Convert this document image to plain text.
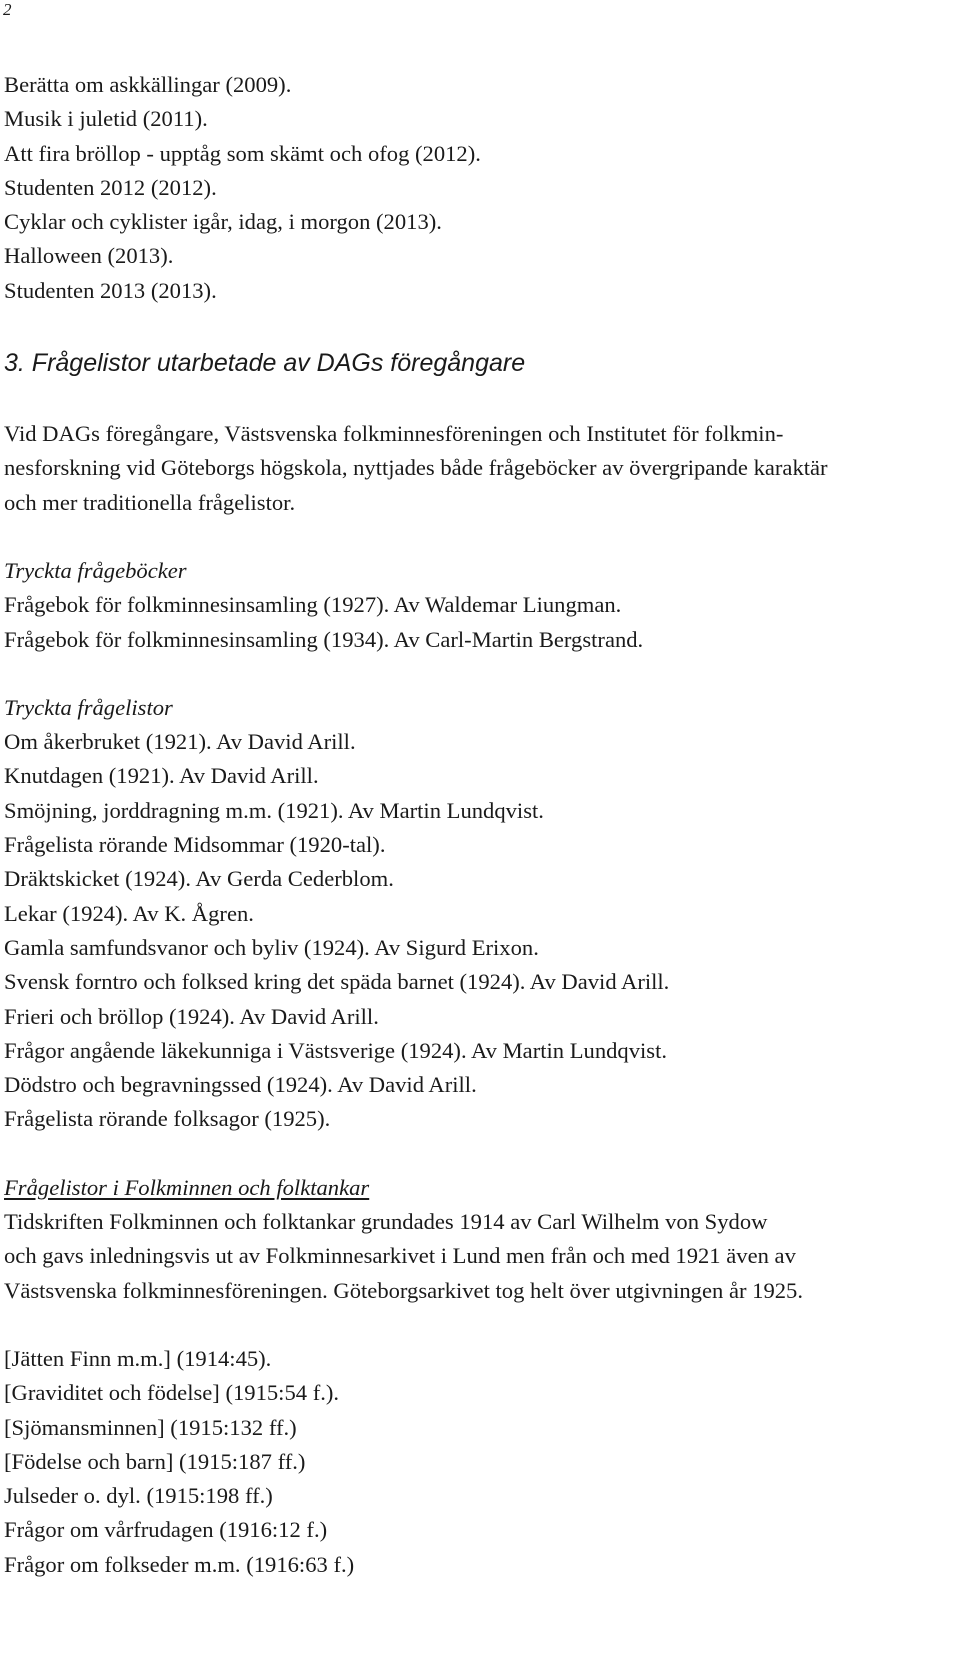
2
Berätta om askkällingar (2009).
Musik i juletid (2011).
Att fira bröllop - upptåg som skämt och ofog (2012).
Studenten 2012 (2012).
Cyklar och cyklister igår, idag, i morgon (2013).
Halloween (2013).
Studenten 2013 (2013).
3. Frågelistor utarbetade av DAGs föregångare
Vid DAGs föregångare, Västsvenska folkminnesföreningen och Institutet för folkmin-
nesforskning vid Göteborgs högskola, nyttjades både frågeböcker av övergripande karaktär
och mer traditionella frågelistor.
Tryckta frågeböcker
Frågebok för folkminnesinsamling (1927). Av Waldemar Liungman.
Frågebok för folkminnesinsamling (1934). Av Carl-Martin Bergstrand.
Tryckta frågelistor
Om åkerbruket (1921). Av David Arill.
Knutdagen (1921). Av David Arill.
Smöjning, jorddragning m.m. (1921). Av Martin Lundqvist.
Frågelista rörande Midsommar (1920-tal).
Dräktskicket (1924). Av Gerda Cederblom.
Lekar (1924). Av K. Ågren.
Gamla samfundsvanor och byliv (1924). Av Sigurd Erixon.
Svensk forntro och folksed kring det späda barnet (1924). Av David Arill.
Frieri och bröllop (1924). Av David Arill.
Frågor angående läkekunniga i Västsverige (1924). Av Martin Lundqvist.
Dödstro och begravningssed (1924). Av David Arill.
Frågelista rörande folksagor (1925).
Frågelistor i Folkminnen och folktankar
Tidskriften Folkminnen och folktankar grundades 1914 av Carl Wilhelm von Sydow
och gavs inledningsvis ut av Folkminnesarkivet i Lund men från och med 1921 även av
Västsvenska folkminnesföreningen. Göteborgsarkivet tog helt över utgivningen år 1925.
[Jätten Finn m.m.] (1914:45).
[Graviditet och födelse] (1915:54 f.).
[Sjömansminnen] (1915:132 ff.)
[Födelse och barn] (1915:187 ff.)
Julseder o. dyl. (1915:198 ff.)
Frågor om vårfrudagen (1916:12 f.)
Frågor om folkseder m.m. (1916:63 f.)
